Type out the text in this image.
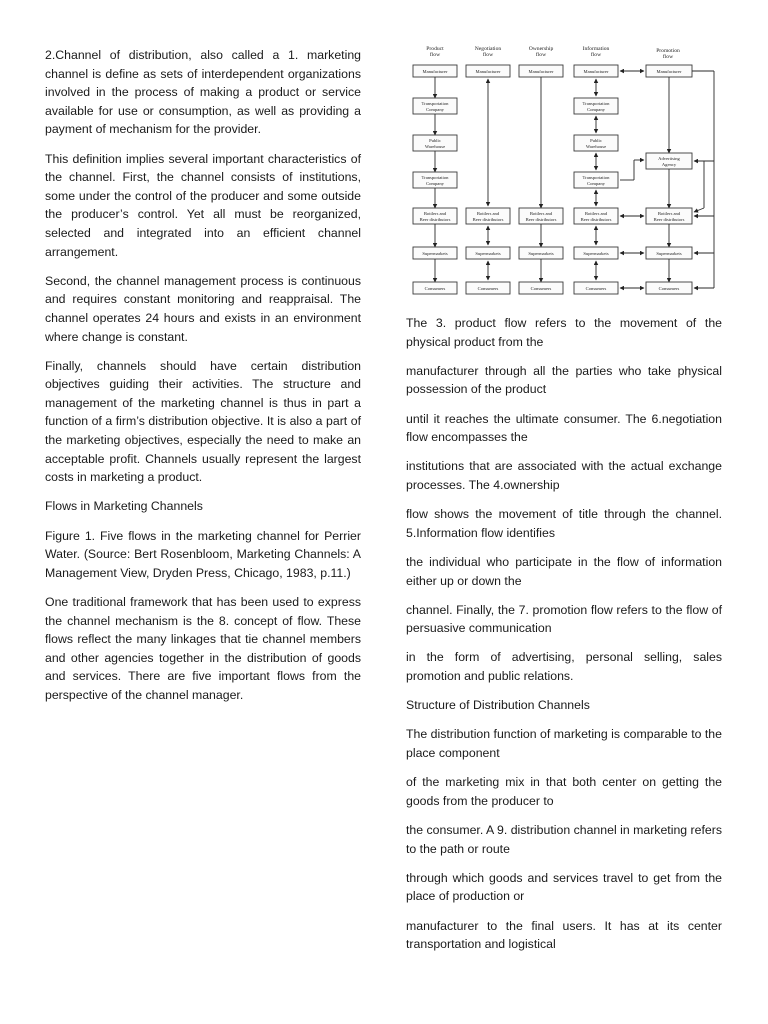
2.Channel of distribution, also called a 1. marketing channel is define as sets of interdependent organizations involved in the process of making a product or service available for use or consumption, as well as providing a payment of mechanism for the provider.

This definition implies several important characteristics of the channel. First, the channel consists of institutions, some under the control of the producer and some outside the producer’s control. Yet all must be reorganized, selected and integrated into an efficient channel arrangement.

Second, the channel management process is continuous and requires constant monitoring and reappraisal. The channel operates 24 hours and exists in an environment where change is constant.

Finally, channels should have certain distribution objectives guiding their activities. The structure and management of the marketing channel is thus in part a function of a firm’s distribution objective. It is also a part of the marketing objectives, especially the need to make an acceptable profit. Channels usually represent the largest costs in marketing a product.

Flows in Marketing Channels

Figure 1. Five flows in the marketing channel for Perrier Water. (Source: Bert Rosenbloom, Marketing Channels: A Management View, Dryden Press, Chicago, 1983, p.11.)

One traditional framework that has been used to express the channel mechanism is the 8. concept of flow. These flows reflect the many linkages that tie channel members and other agencies together in the distribution of goods and services. There are five important flows from the perspective of the channel manager.

Product
flow
Negotiation
flow
Ownership
flow
Information
flow
Promotion
flow
Manufacturer
Transportation
Company
Public
Warehouse
Transportation
Company
Bottlers and
Beer distributors
Supermarkets
Consumers
Manufacturer
Bottlers and
Beer distributors
Supermarkets
Consumers
Manufacturer
Bottlers and
Beer distributors
Supermarkets
Consumers
Manufacturer
Transportation
Company
Public
Warehouse
Transportation
Company
Bottlers and
Beer distributors
Supermarkets
Consumers
Manufacturer
Advertising
Agency
Bottlers and
Beer distributors
Supermarkets
Consumers

The 3. product flow refers to the movement of the physical product from the

manufacturer through all the parties who take physical possession of the product

until it reaches the ultimate consumer. The 6.negotiation flow encompasses the

institutions that are associated with the actual exchange processes. The 4.ownership

flow shows the movement of title through the channel. 5.Information flow identifies

the individual who participate in the flow of information either up or down the

channel. Finally, the 7. promotion flow refers to the flow of persuasive communication

in the form of advertising, personal selling, sales promotion and public relations.

Structure of Distribution Channels

The distribution function of marketing is comparable to the place component

of the marketing mix in that both center on getting the goods from the producer to

the consumer. A 9. distribution channel in marketing refers to the path or route

through which goods and services travel to get from the place of production or

manufacturer to the final users. It has at its center transportation and logistical
